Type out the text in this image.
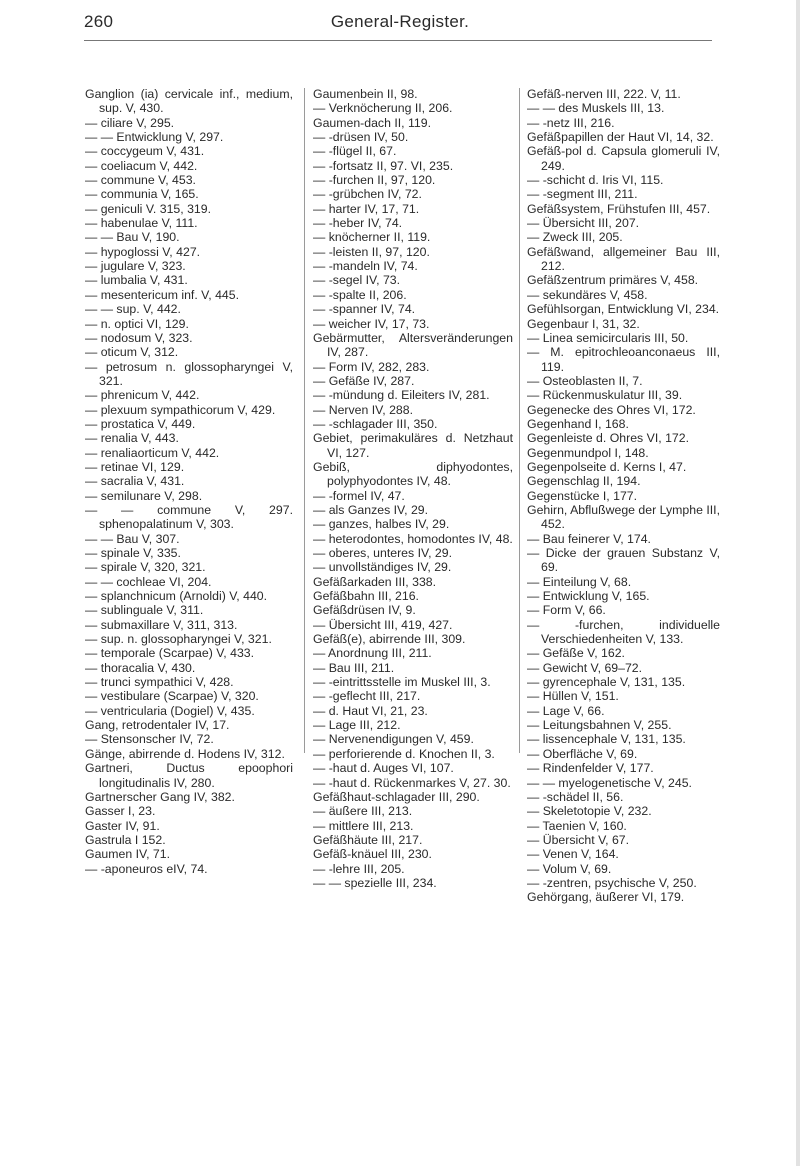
260	General-Register.

Ganglion (ia) cervicale inf., medium, sup. V, 430.

— ciliare V, 295.

— — Entwicklung V, 297.

— coccygeum V, 431.

— coeliacum V, 442.

— commune V, 453.

— communia V, 165.

— geniculi V. 315, 319.

— habenulae V, 111.

— — Bau V, 190.

— hypoglossi V, 427.

— jugulare V, 323.

— lumbalia V, 431.

— mesentericum inf. V, 445.

— — sup. V, 442.

— n. optici VI, 129.

— nodosum V, 323.

— oticum V, 312.

— petrosum n. glossopharyngei V, 321.

— phrenicum V, 442.

— plexuum sympathicorum V, 429.

— prostatica V, 449.

— renalia V, 443.

— renaliaorticum V, 442.

— retinae VI, 129.

— sacralia V, 431.

— semilunare V, 298.

— — commune V, 297. sphenopalatinum V, 303.

— — Bau V, 307.

— spinale V, 335.

— spirale V, 320, 321.

— — cochleae VI, 204.

— splanchnicum (Arnoldi) V, 440.

— sublinguale V, 311.

— submaxillare V, 311, 313.

— sup. n. glossopharyngei V, 321.

— temporale (Scarpae) V, 433.

— thoracalia V, 430.

— trunci sympathici V, 428.

— vestibulare (Scarpae) V, 320.

— ventricularia (Dogiel) V, 435.

Gang, retrodentaler IV, 17.

— Stensonscher IV, 72.

Gänge, abirrende d. Hodens IV, 312.

Gartneri, Ductus epoophori longitudinalis IV, 280.

Gartnerscher Gang IV, 382.

Gasser I, 23.

Gaster IV, 91.

Gastrula I 152.

Gaumen IV, 71.

— -aponeuros eIV, 74.

Gaumenbein II, 98.

— Verknöcherung II, 206.

Gaumen-dach II, 119.

— -drüsen IV, 50.

— -flügel II, 67.

— -fortsatz II, 97. VI, 235.

— -furchen II, 97, 120.

— -grübchen IV, 72.

— harter IV, 17, 71.

— -heber IV, 74.

— knöcherner II, 119.

— -leisten II, 97, 120.

— -mandeln IV, 74.

— -segel IV, 73.

— -spalte II, 206.

— -spanner IV, 74.

— weicher IV, 17, 73.

Gebärmutter, Altersveränderungen IV, 287.

— Form IV, 282, 283.

— Gefäße IV, 287.

— -mündung d. Eileiters IV, 281.

— Nerven IV, 288.

— -schlagader III, 350.

Gebiet, perimakuläres d. Netzhaut VI, 127.

Gebiß, diphyodontes, polyphyodontes IV, 48.

— -formel IV, 47.

— als Ganzes IV, 29.

— ganzes, halbes IV, 29.

— heterodontes, homodontes IV, 48.

— oberes, unteres IV, 29.

— unvollständiges IV, 29.

Gefäßarkaden III, 338.

Gefäßbahn III, 216.

Gefäßdrüsen IV, 9.

— Übersicht III, 419, 427.

Gefäß(e), abirrende III, 309.

— Anordnung III, 211.

— Bau III, 211.

— -eintrittsstelle im Muskel III, 3.

— -geflecht III, 217.

— d. Haut VI, 21, 23.

— Lage III, 212.

— Nervenendigungen V, 459.

— perforierende d. Knochen II, 3.

— -haut d. Auges VI, 107.

— -haut d. Rückenmarkes V, 27. 30.

Gefäßhaut-schlagader III, 290.

— äußere III, 213.

— mittlere III, 213.

Gefäßhäute III, 217.

Gefäß-knäuel III, 230.

— -lehre III, 205.

— — spezielle III, 234.

Gefäß-nerven III, 222. V, 11.

— — des Muskels III, 13.

— -netz III, 216.

Gefäßpapillen der Haut VI, 14, 32.

Gefäß-pol d. Capsula glomeruli IV, 249.

— -schicht d. Iris VI, 115.

— -segment III, 211.

Gefäßsystem, Frühstufen III, 457.

— Übersicht III, 207.

— Zweck III, 205.

Gefäßwand, allgemeiner Bau III, 212.

Gefäßzentrum primäres V, 458.

— sekundäres V, 458.

Gefühlsorgan, Entwicklung VI, 234.

Gegenbaur I, 31, 32.

— Linea semicircularis III, 50.

— M. epitrochleoanconaeus III, 119.

— Osteoblasten II, 7.

— Rückenmuskulatur III, 39.

Gegenecke des Ohres VI, 172.

Gegenhand I, 168.

Gegenleiste d. Ohres VI, 172.

Gegenmundpol I, 148.

Gegenpolseite d. Kerns I, 47.

Gegenschlag II, 194.

Gegenstücke I, 177.

Gehirn, Abflußwege der Lymphe III, 452.

— Bau feinerer V, 174.

— Dicke der grauen Substanz V, 69.

— Einteilung V, 68.

— Entwicklung V, 165.

— Form V, 66.

— -furchen, individuelle Verschiedenheiten V, 133.

— Gefäße V, 162.

— Gewicht V, 69–72.

— gyrencephale V, 131, 135.

— Hüllen V, 151.

— Lage V, 66.

— Leitungsbahnen V, 255.

— lissencephale V, 131, 135.

— Oberfläche V, 69.

— Rindenfelder V, 177.

— — myelogenetische V, 245.

— -schädel II, 56.

— Skeletotopie V, 232.

— Taenien V, 160.

— Übersicht V, 67.

— Venen V, 164.

— Volum V, 69.

— -zentren, psychische V, 250.

Gehörgang, äußerer VI, 179.
